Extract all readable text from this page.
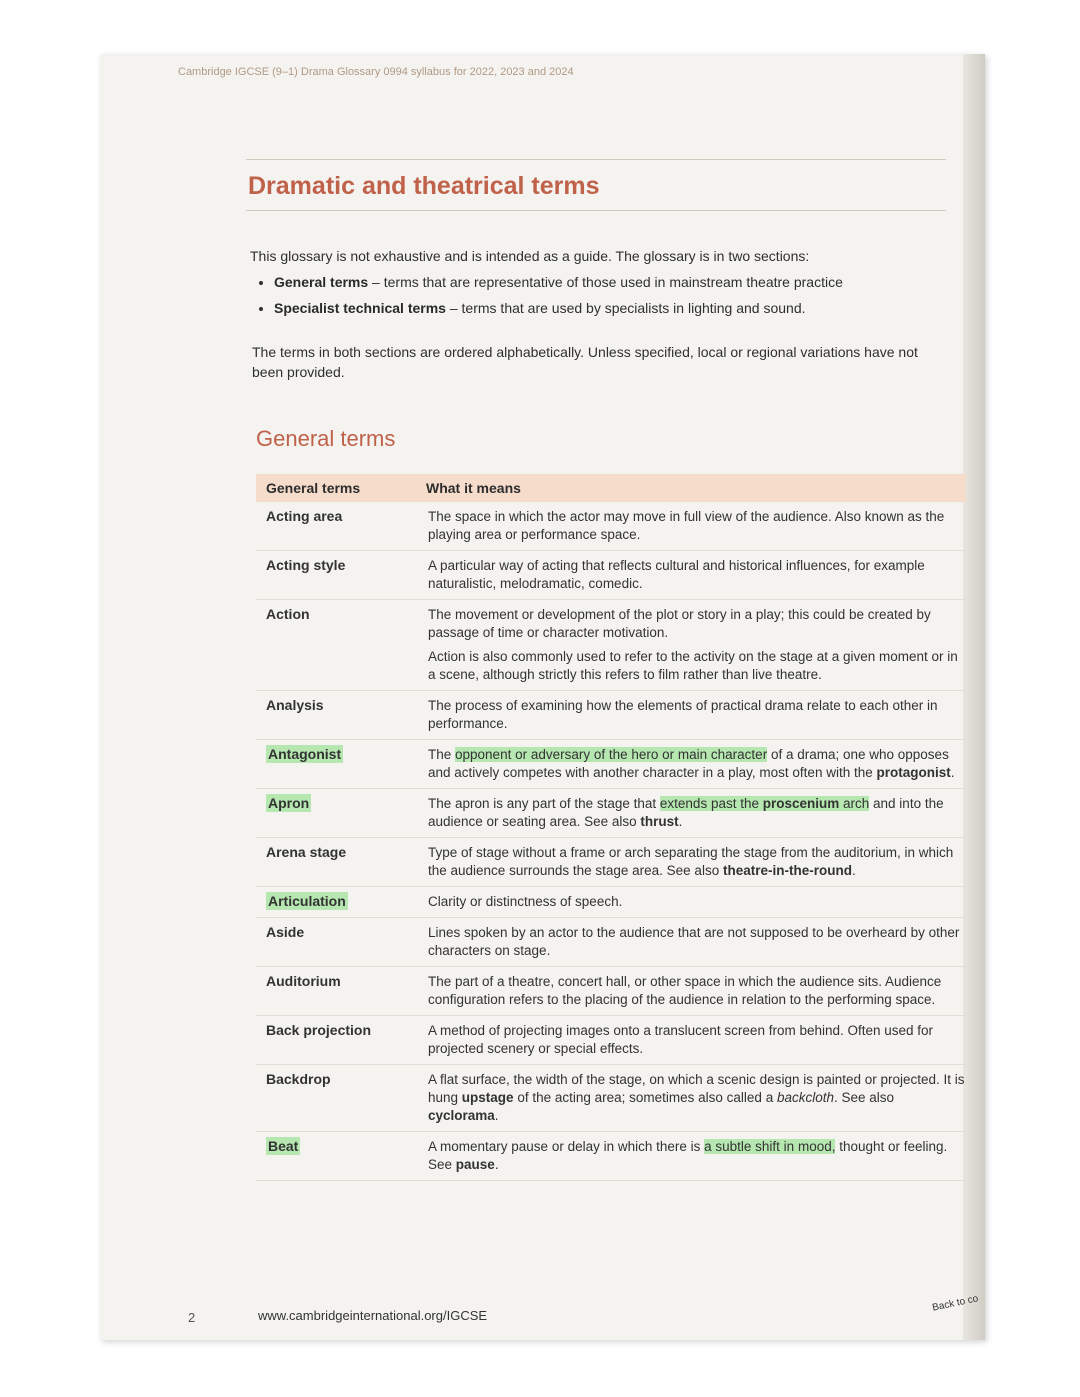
Cambridge IGCSE (9–1) Drama Glossary 0994 syllabus for 2022, 2023 and 2024
Dramatic and theatrical terms
This glossary is not exhaustive and is intended as a guide. The glossary is in two sections:
• General terms – terms that are representative of those used in mainstream theatre practice
• Specialist technical terms – terms that are used by specialists in lighting and sound.
The terms in both sections are ordered alphabetically. Unless specified, local or regional variations have not been provided.
General terms
General terms	What it means
Acting area	The space in which the actor may move in full view of the audience. Also known as the playing area or performance space.
Acting style	A particular way of acting that reflects cultural and historical influences, for example naturalistic, melodramatic, comedic.
Action	The movement or development of the plot or story in a play; this could be created by passage of time or character motivation.

Action is also commonly used to refer to the activity on the stage at a given moment or in a scene, although strictly this refers to film rather than live theatre.

Analysis	The process of examining how the elements of practical drama relate to each other in performance.
Antagonist	The opponent or adversary of the hero or main character of a drama; one who opposes and actively competes with another character in a play, most often with the protagonist.
Apron	The apron is any part of the stage that extends past the proscenium arch and into the audience or seating area. See also thrust.
Arena stage	Type of stage without a frame or arch separating the stage from the auditorium, in which the audience surrounds the stage area. See also theatre-in-the-round.
Articulation	Clarity or distinctness of speech.
Aside	Lines spoken by an actor to the audience that are not supposed to be overheard by other characters on stage.
Auditorium	The part of a theatre, concert hall, or other space in which the audience sits. Audience configuration refers to the placing of the audience in relation to the performing space.
Back projection	A method of projecting images onto a translucent screen from behind. Often used for projected scenery or special effects.
Backdrop	A flat surface, the width of the stage, on which a scenic design is painted or projected. It is hung upstage of the acting area; sometimes also called a backcloth. See also cyclorama.
Beat	A momentary pause or delay in which there is a subtle shift in mood, thought or feeling. See pause.
2	www.cambridgeinternational.org/IGCSE
Back to co
